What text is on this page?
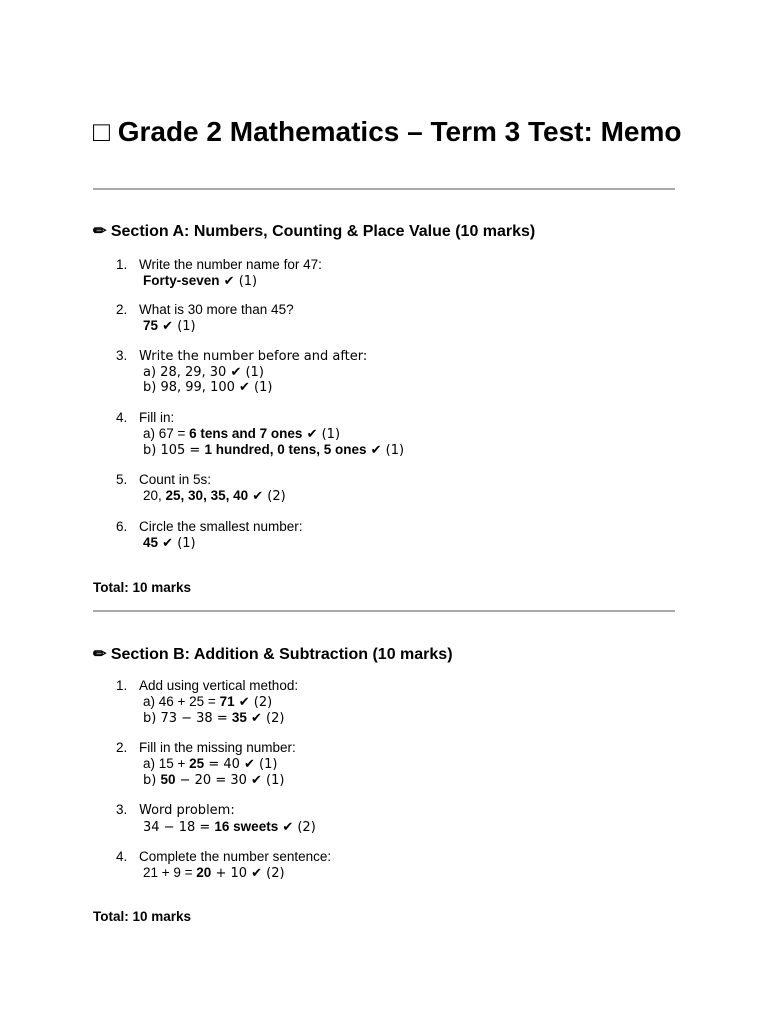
□ Grade 2 Mathematics – Term 3 Test: Memo
✏ Section A: Numbers, Counting & Place Value (10 marks)
1. Write the number name for 47:
Forty-seven ✔ (1)
2. What is 30 more than 45?
75 ✔ (1)
3. Write the number before and after:
a) 28, 29, 30 ✔ (1)
b) 98, 99, 100 ✔ (1)
4. Fill in:
a) 67 = 6 tens and 7 ones ✔ (1)
b) 105 = 1 hundred, 0 tens, 5 ones ✔ (1)
5. Count in 5s:
20, 25, 30, 35, 40 ✔ (2)
6. Circle the smallest number:
45 ✔ (1)
Total: 10 marks
✏ Section B: Addition & Subtraction (10 marks)
1. Add using vertical method:
a) 46 + 25 = 71 ✔ (2)
b) 73 − 38 = 35 ✔ (2)
2. Fill in the missing number:
a) 15 + 25 = 40 ✔ (1)
b) 50 − 20 = 30 ✔ (1)
3. Word problem:
34 − 18 = 16 sweets ✔ (2)
4. Complete the number sentence:
21 + 9 = 20 + 10 ✔ (2)
Total: 10 marks
